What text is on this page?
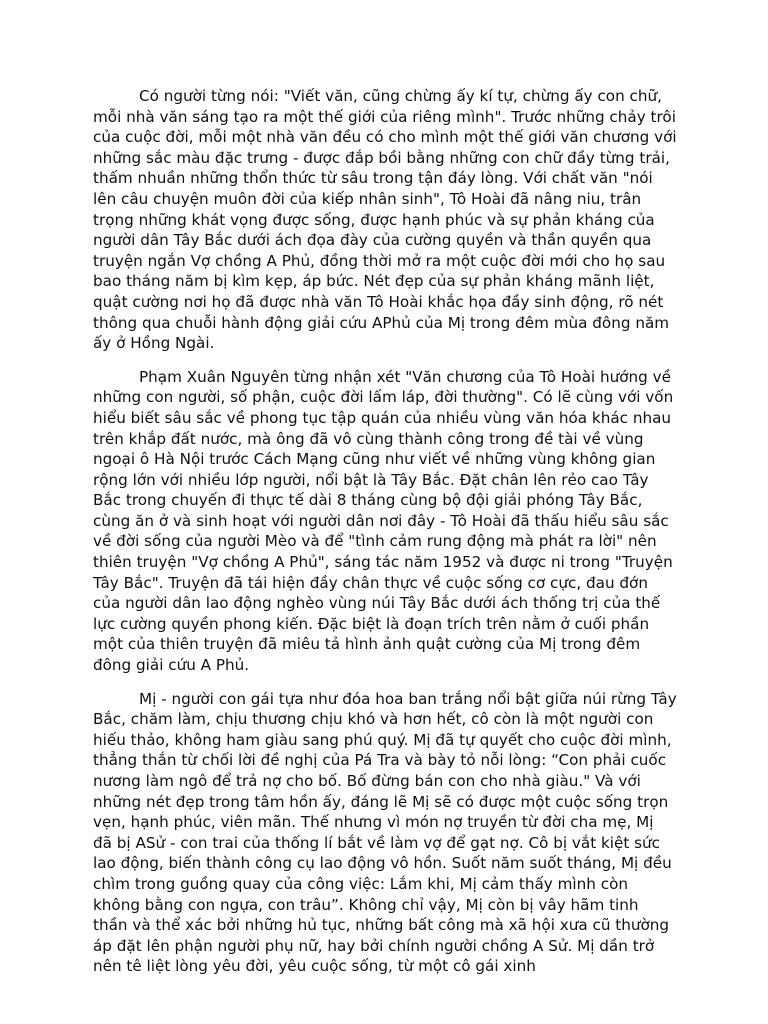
Có người từng nói: "Viết văn, cũng chừng ấy kí tự, chừng ấy con chữ, mỗi nhà văn sáng tạo ra một thế giới của riêng mình". Trước những chảy trôi của cuộc đời, mỗi một nhà văn đều có cho mình một thế giới văn chương với những sắc màu đặc trưng - được đắp bồi bằng những con chữ đầy từng trải, thấm nhuần những thổn thức từ sâu trong tận đáy lòng. Với chất văn "nói lên câu chuyện muôn đời của kiếp nhân sinh", Tô Hoài đã nâng niu, trân trọng những khát vọng được sống, được hạnh phúc và sự phản kháng của người dân Tây Bắc dưới ách đọa đày của cường quyền và thần quyền qua truyện ngắn Vợ chồng A Phủ, đồng thời mở ra một cuộc đời mới cho họ sau bao tháng năm bị kìm kẹp, áp bức. Nét đẹp của sự phản kháng mãnh liệt, quật cường nơi họ đã được nhà văn Tô Hoài khắc họa đầy sinh động, rõ nét thông qua chuỗi hành động giải cứu APhủ của Mị trong đêm mùa đông năm ấy ở Hồng Ngài.

Phạm Xuân Nguyên từng nhận xét "Văn chương của Tô Hoài hướng về những con người, số phận, cuộc đời lấm láp, đời thường". Có lẽ cùng với vốn hiểu biết sâu sắc về phong tục tập quán của nhiều vùng văn hóa khác nhau trên khắp đất nước, mà ông đã vô cùng thành công trong đề tài về vùng ngoại ô Hà Nội trước Cách Mạng cũng như viết về những vùng không gian rộng lớn với nhiều lớp người, nổi bật là Tây Bắc. Đặt chân lên rẻo cao Tây Bắc trong chuyến đi thực tế dài 8 tháng cùng bộ đội giải phóng Tây Bắc, cùng ăn ở và sinh hoạt với người dân nơi đây - Tô Hoài đã thấu hiểu sâu sắc về đời sống của người Mèo và để "tình cảm rung động mà phát ra lời" nên thiên truyện "Vợ chồng A Phủ", sáng tác năm 1952 và được ni trong "Truyện Tây Bắc". Truyện đã tái hiện đầy chân thực về cuộc sống cơ cực, đau đớn của người dân lao động nghèo vùng núi Tây Bắc dưới ách thống trị của thế lực cường quyền phong kiến. Đặc biệt là đoạn trích trên nằm ở cuối phần một của thiên truyện đã miêu tả hình ảnh quật cường của Mị trong đêm đông giải cứu A Phủ.

Mị - người con gái tựa như đóa hoa ban trắng nổi bật giữa núi rừng Tây Bắc, chăm làm, chịu thương chịu khó và hơn hết, cô còn là một người con hiếu thảo, không ham giàu sang phú quý. Mị đã tự quyết cho cuộc đời mình, thẳng thắn từ chối lời đề nghị của Pá Tra và bày tỏ nỗi lòng: “Con phải cuốc nương làm ngô để trả nợ cho bố. Bố đừng bán con cho nhà giàu." Và với những nét đẹp trong tâm hồn ấy, đáng lẽ Mị sẽ có được một cuộc sống trọn vẹn, hạnh phúc, viên mãn. Thế nhưng vì món nợ truyền từ đời cha mẹ, Mị đã bị ASử - con trai của thống lí bắt về làm vợ để gạt nợ. Cô bị vắt kiệt sức lao động, biến thành công cụ lao động vô hồn. Suốt năm suốt tháng, Mị đều chìm trong guồng quay của công việc: Lắm khi, Mị cảm thấy mình còn không bằng con ngựa, con trâu”. Không chỉ vậy, Mị còn bị vây hãm tinh thần và thể xác bởi những hủ tục, những bất công mà xã hội xưa cũ thường áp đặt lên phận người phụ nữ, hay bởi chính người chồng A Sử. Mị dần trở nên tê liệt lòng yêu đời, yêu cuộc sống, từ một cô gái xinh
